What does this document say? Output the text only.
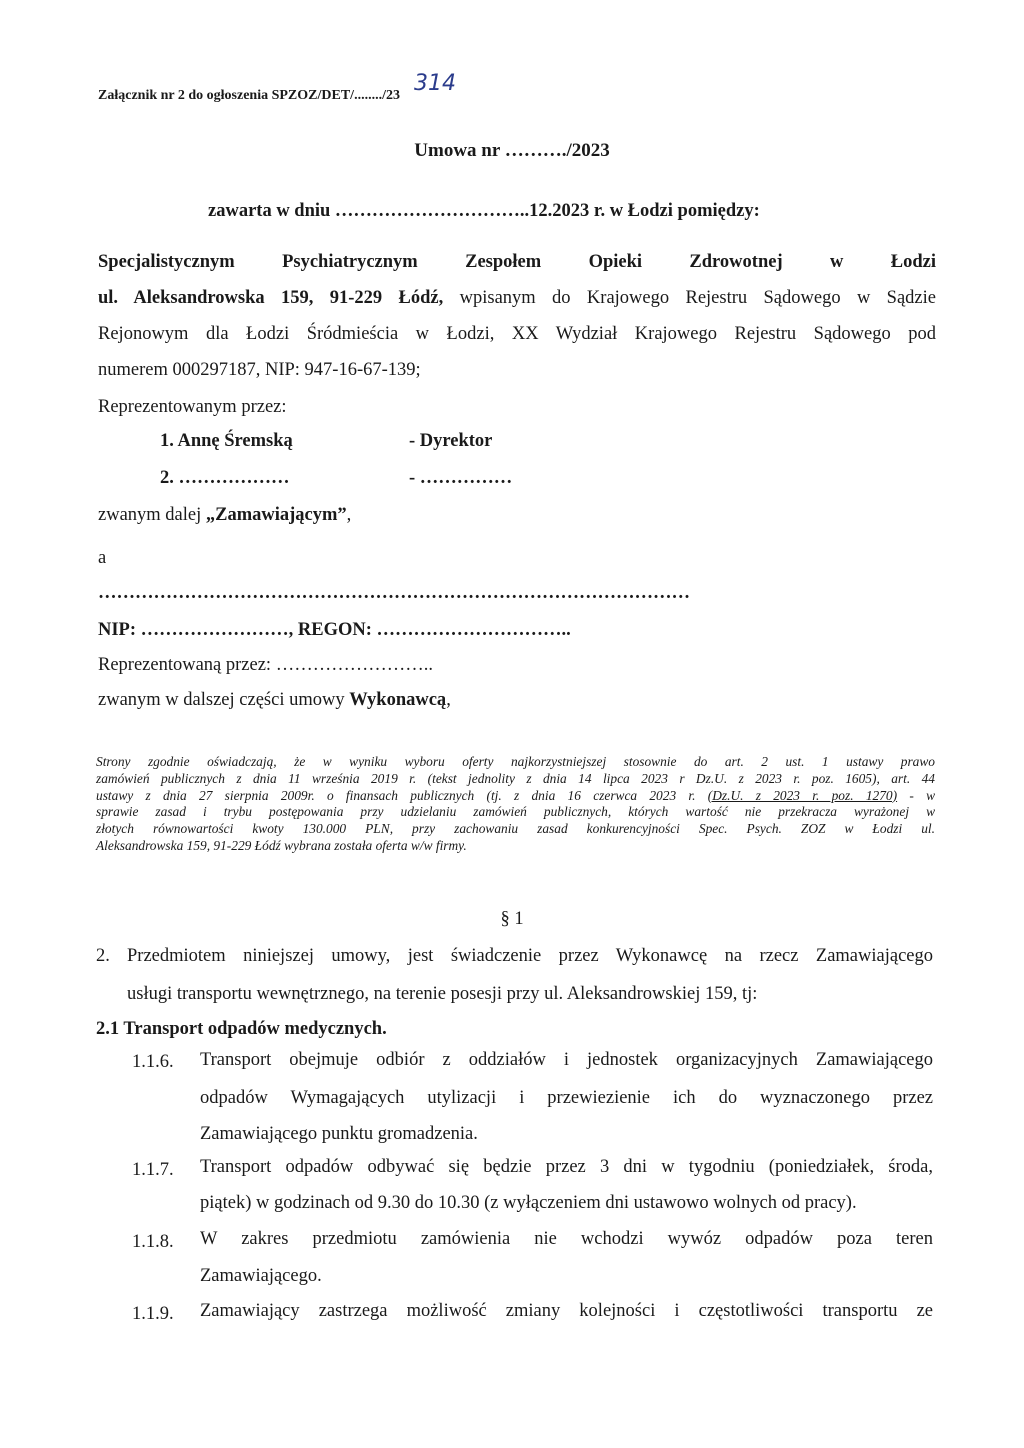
Załącznik nr 2 do ogłoszenia SPZOZ/DET/......../23 314
Umowa nr ………./2023
zawarta w dniu …………………………..12.2023 r. w Łodzi pomiędzy:
Specjalistycznym	Psychiatrycznym	Zespołem	Opieki	Zdrowotnej	w	Łodzi
ul. Aleksandrowska 159, 91-229 Łódź, wpisanym do Krajowego Rejestru Sądowego w Sądzie
Rejonowym dla Łodzi Śródmieścia w Łodzi, XX Wydział Krajowego Rejestru Sądowego pod
numerem 000297187, NIP: 947-16-67-139;
Reprezentowanym przez:
1. Annę Śremską	- Dyrektor
2. ………………	- ……………
zwanym dalej „Zamawiającym”,
a
……………………………………………………………………………………
NIP: ……………………, REGON: …………………………..
Reprezentowaną przez: ……………………..
zwanym w dalszej części umowy Wykonawcą,

Strony zgodnie oświadczają, że w wyniku wyboru oferty najkorzystniejszej stosownie do art. 2 ust. 1 ustawy prawo

zamówień publicznych z dnia 11 września 2019 r. (tekst jednolity z dnia 14 lipca 2023 r Dz.U. z 2023 r. poz. 1605), art. 44

ustawy z dnia 27 sierpnia 2009r. o finansach publicznych (tj. z dnia 16 czerwca 2023 r. (Dz.U. z 2023 r. poz. 1270) - w

sprawie zasad i trybu postępowania przy udzielaniu zamówień publicznych, których wartość nie przekracza wyrażonej w

złotych równowartości kwoty 130.000 PLN, przy zachowaniu zasad konkurencyjności Spec. Psych. ZOZ w Łodzi ul.

Aleksandrowska 159, 91-229 Łódź wybrana została oferta w/w firmy.

§ 1
2. Przedmiotem niniejszej umowy, jest świadczenie przez Wykonawcę na rzecz Zamawiającego
usługi transportu wewnętrznego, na terenie posesji przy ul. Aleksandrowskiej 159, tj:
2.1 Transport odpadów medycznych.
1.1.6. Transport obejmuje odbiór z oddziałów i jednostek organizacyjnych Zamawiającego
odpadów Wymagających utylizacji i przewiezienie ich do wyznaczonego przez
Zamawiającego punktu gromadzenia.
1.1.7. Transport odpadów odbywać się będzie przez 3 dni w tygodniu (poniedziałek, środa,
piątek) w godzinach od 9.30 do 10.30 (z wyłączeniem dni ustawowo wolnych od pracy).
1.1.8. W zakres przedmiotu zamówienia nie wchodzi wywóz odpadów poza teren
Zamawiającego.
1.1.9. Zamawiający zastrzega możliwość zmiany kolejności i częstotliwości transportu ze
